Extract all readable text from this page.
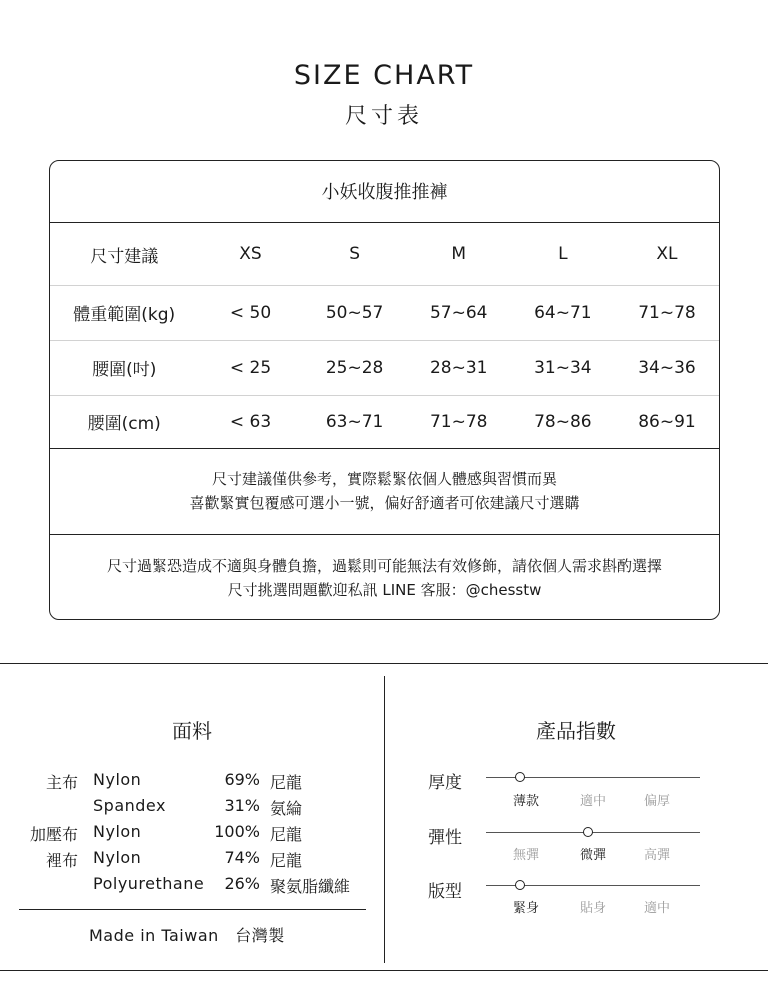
SIZE CHART
尺寸表
小妖收腹推推褲
尺寸建議	XS	S	M	L	XL
體重範圍(kg)	< 50	50~57	57~64	64~71	71~78
腰圍(吋)	< 25	25~28	28~31	31~34	34~36
腰圍(cm)	< 63	63~71	71~78	78~86	86~91
尺寸建議僅供參考，實際鬆緊依個人體感與習慣而異
喜歡緊實包覆感可選小一號，偏好舒適者可依建議尺寸選購
尺寸過緊恐造成不適與身體負擔，過鬆則可能無法有效修飾，請依個人需求斟酌選擇
尺寸挑選問題歡迎私訊 LINE 客服：@chesstw
面料
主布 Nylon	69% 尼龍
Spandex	31% 氨綸
加壓布 Nylon	100% 尼龍
裡布 Nylon	74% 尼龍
Polyurethane	26% 聚氨脂纖維
Made in Taiwan　台灣製
產品指數
厚度
薄款	適中	偏厚
彈性
無彈	微彈	高彈
版型
緊身	貼身	適中
